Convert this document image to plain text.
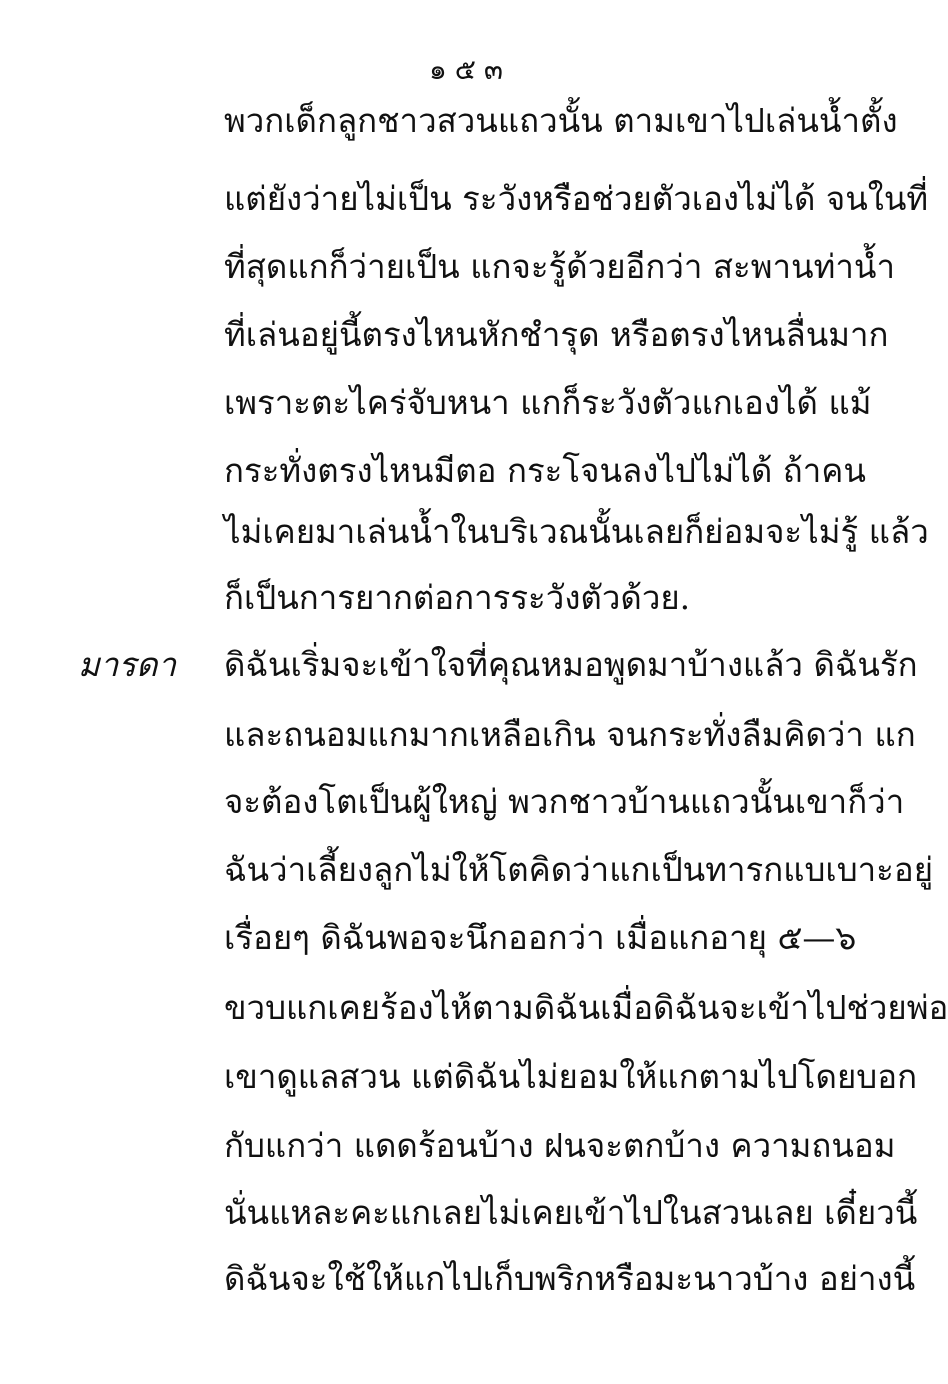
๑๕๓
พวกเด็กลูกชาวสวนแถวนั้น ตามเขาไปเล่นน้ำตั้ง
แต่ยังว่ายไม่เป็น ระวังหรือช่วยตัวเองไม่ได้ จนในที่
ที่สุดแกก็ว่ายเป็น แกจะรู้ด้วยอีกว่า สะพานท่าน้ำ
ที่เล่นอยู่นี้ตรงไหนหักชำรุด หรือตรงไหนลื่นมาก
เพราะตะไคร่จับหนา แกก็ระวังตัวแกเองได้ แม้
กระทั่งตรงไหนมีตอ กระโจนลงไปไม่ได้ ถ้าคน
ไม่เคยมาเล่นน้ำในบริเวณนั้นเลยก็ย่อมจะไม่รู้ แล้ว
ก็เป็นการยากต่อการระวังตัวด้วย.
มารดา ดิฉันเริ่มจะเข้าใจที่คุณหมอพูดมาบ้างแล้ว ดิฉันรัก
และถนอมแกมากเหลือเกิน จนกระทั่งลืมคิดว่า แก
จะต้องโตเป็นผู้ใหญ่ พวกชาวบ้านแถวนั้นเขาก็ว่า
ฉันว่าเลี้ยงลูกไม่ให้โตคิดว่าแกเป็นทารกแบเบาะอยู่
เรื่อยๆ ดิฉันพอจะนึกออกว่า เมื่อแกอายุ ๕—๖
ขวบแกเคยร้องไห้ตามดิฉันเมื่อดิฉันจะเข้าไปช่วยพ่อ
เขาดูแลสวน แต่ดิฉันไม่ยอมให้แกตามไปโดยบอก
กับแกว่า แดดร้อนบ้าง ฝนจะตกบ้าง ความถนอม
นั่นแหละคะแกเลยไม่เคยเข้าไปในสวนเลย เดี๋ยวนี้
ดิฉันจะใช้ให้แกไปเก็บพริกหรือมะนาวบ้าง อย่างนี้
